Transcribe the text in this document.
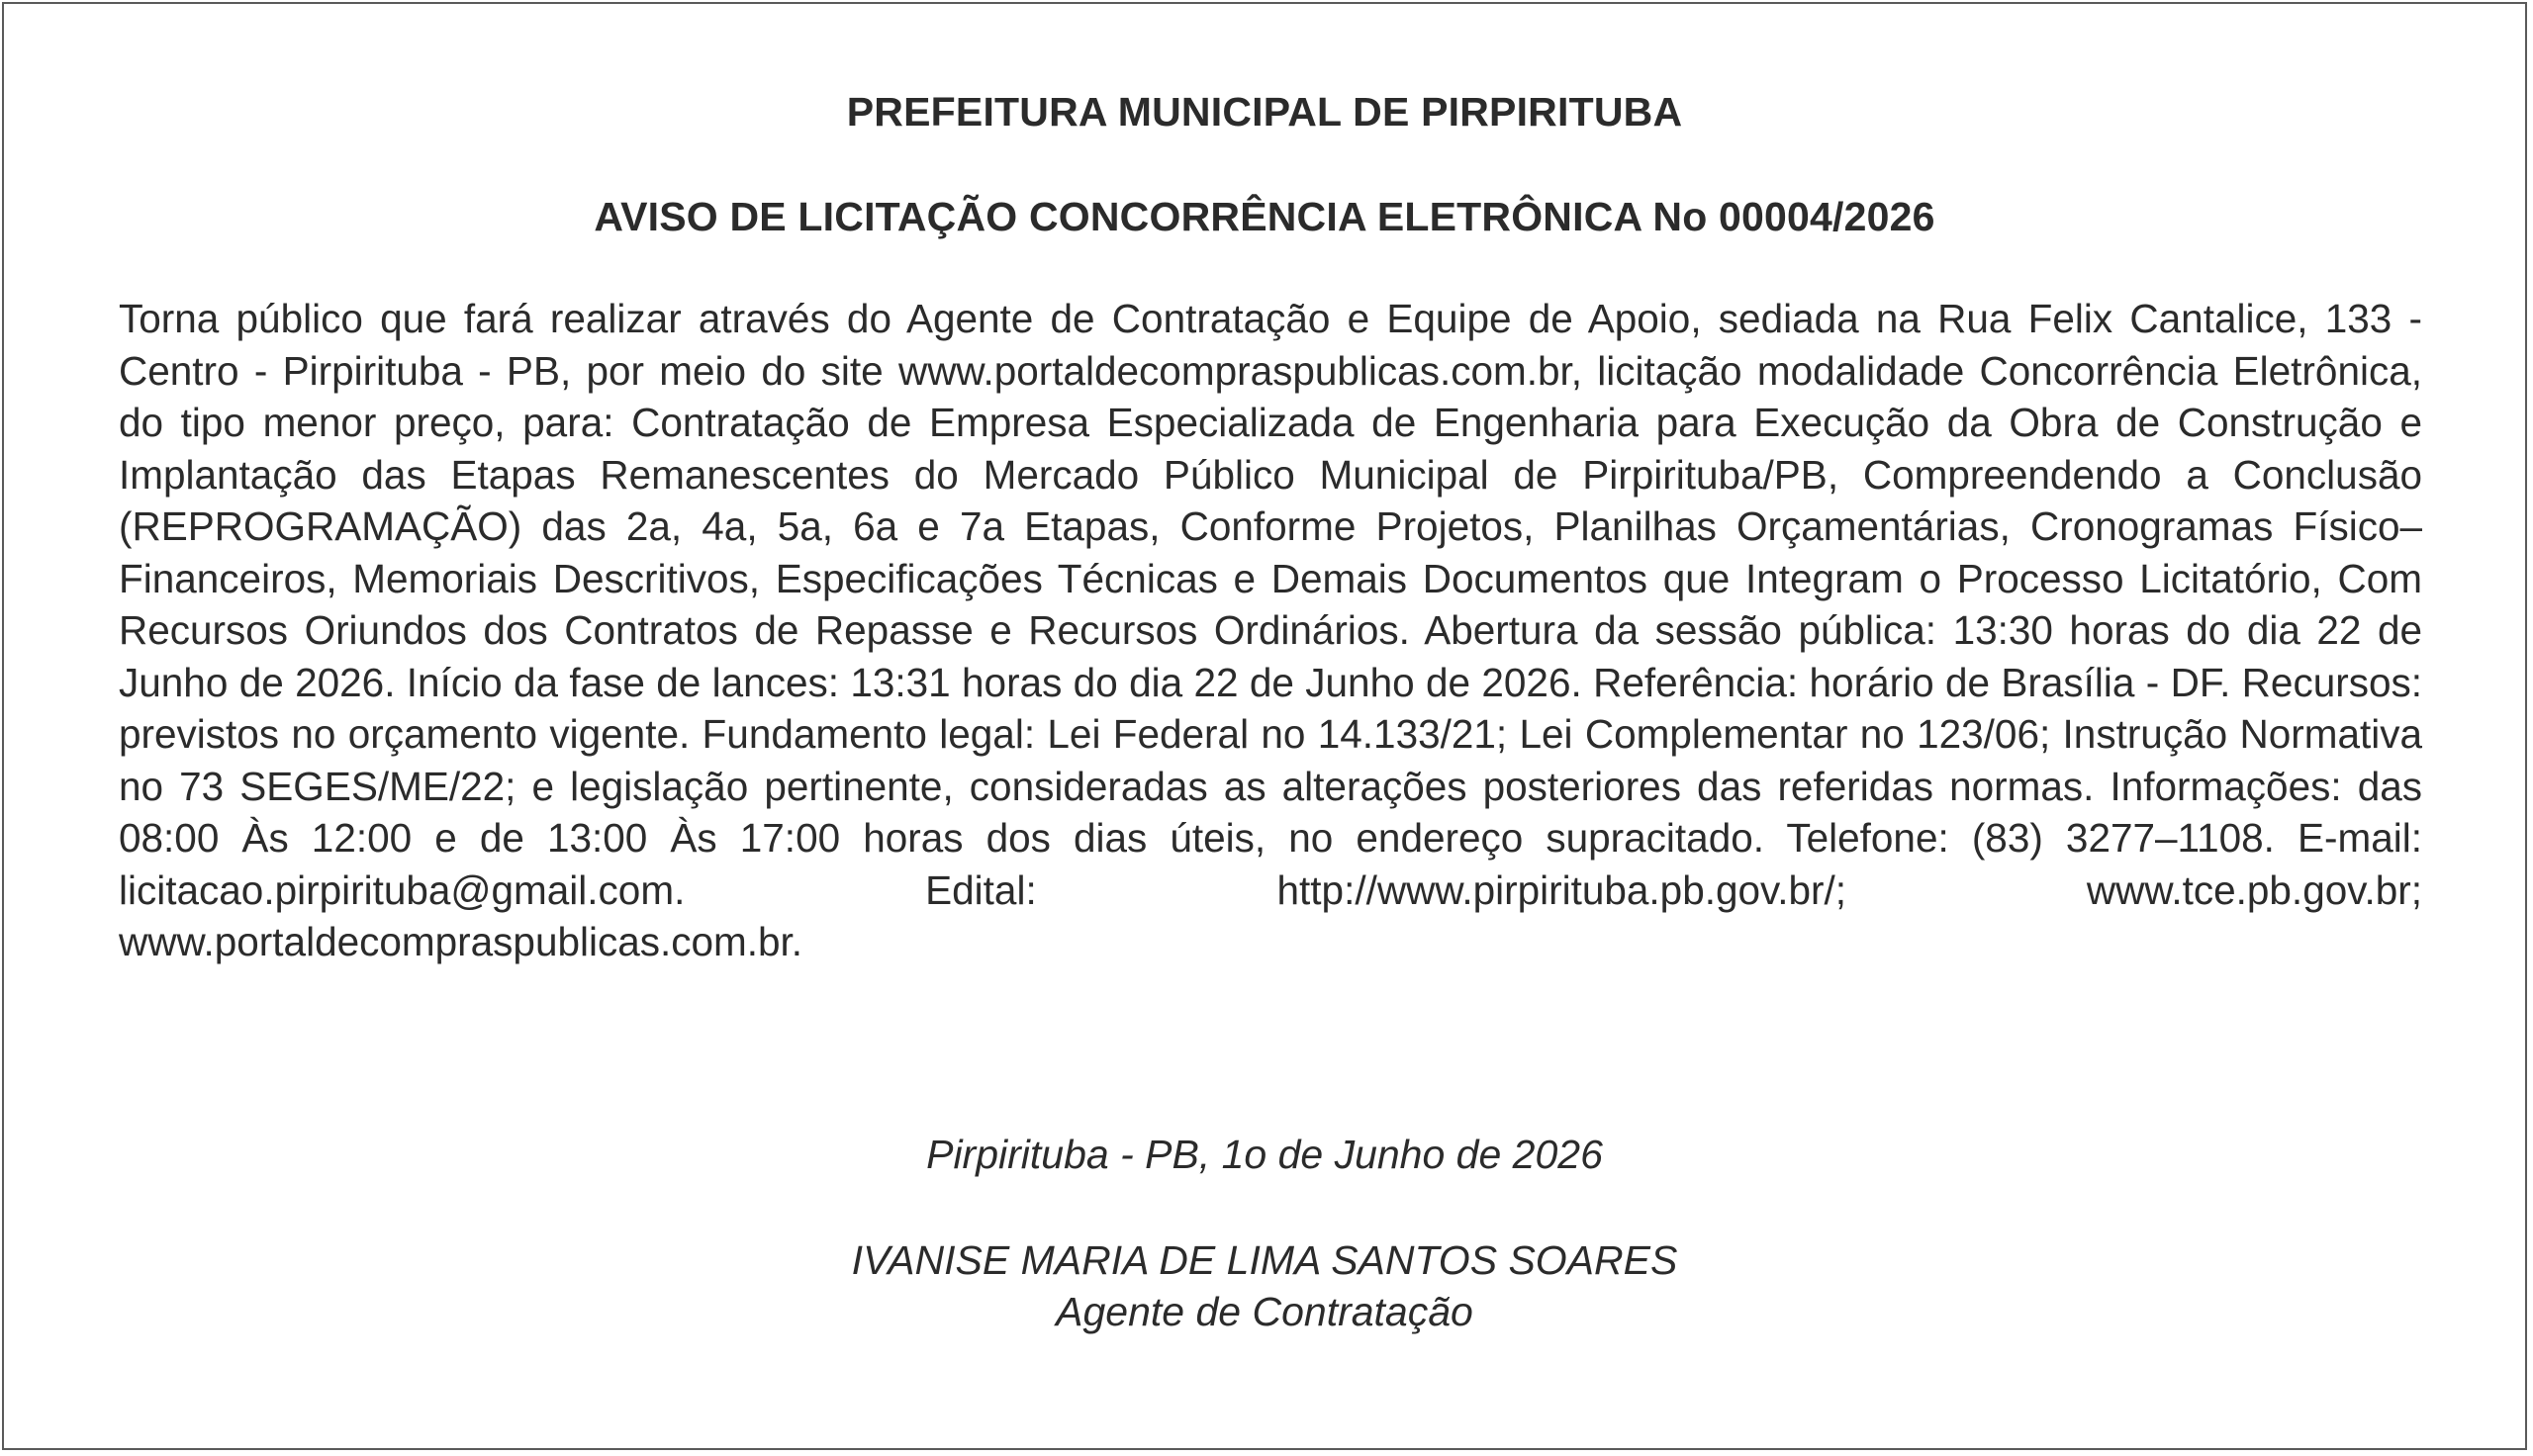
PREFEITURA MUNICIPAL DE PIRPIRITUBA
AVISO DE LICITAÇÃO CONCORRÊNCIA ELETRÔNICA No 00004/2026

Torna público que fará realizar através do Agente de Contratação e Equipe de Apoio, sediada na Rua Felix Cantalice, 133 - Centro - Pirpirituba - PB, por meio do site www.portaldecompraspublicas.com.br, licitação modalidade Concorrência Eletrônica, do tipo menor preço, para: Contratação de Empresa Especializada de Engenharia para Execução da Obra de Construção e Implantação das Etapas Remanescentes do Mercado Público Municipal de Pirpirituba/PB, Compreendendo a Conclusão (REPROGRAMAÇÃO) das 2a, 4a, 5a, 6a e 7a Etapas, Conforme Projetos, Planilhas Orçamentárias, Cronogramas Físico–Financeiros, Memoriais Descritivos, Especificações Técnicas e Demais Documentos que Integram o Processo Licitatório, Com Recursos Oriundos dos Contratos de Repasse e Recursos Ordinários. Abertura da sessão pública: 13:30 horas do dia 22 de Junho de 2026. Início da fase de lances: 13:31 horas do dia 22 de Junho de 2026. Referência: horário de Brasília - DF. Recursos: previstos no orçamento vigente. Fundamento legal: Lei Federal no 14.133/21; Lei Complementar no 123/06; Instrução Normativa no 73 SEGES/ME/22; e legislação pertinente, consideradas as alterações posteriores das referidas normas. Informações: das 08:00 Às 12:00 e de 13:00 Às 17:00 horas dos dias úteis, no endereço supracitado. Telefone: (83) 3277–1108. E-mail: licitacao.pirpirituba@gmail.com. Edital: http://www.pirpirituba.pb.gov.br/; www.tce.pb.gov.br; www.portaldecompraspublicas.com.br.

Pirpirituba - PB, 1o de Junho de 2026
IVANISE MARIA DE LIMA SANTOS SOARES
Agente de Contratação
